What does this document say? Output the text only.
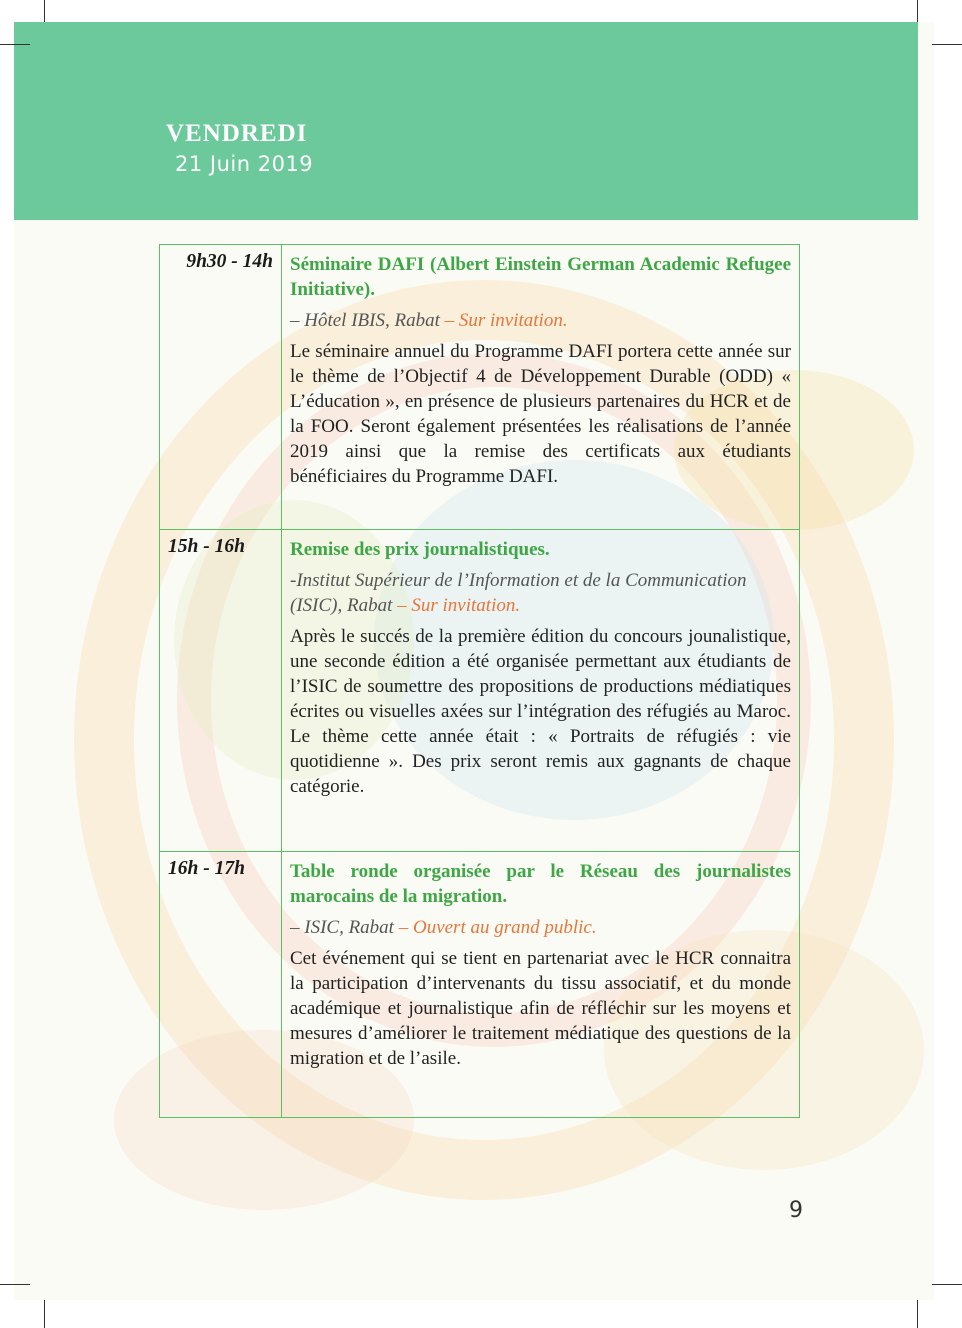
VENDREDI
21 Juin 2019
9h30 - 14h	Séminaire DAFI (Albert Einstein German Academic Refugee Initiative).

– Hôtel IBIS, Rabat – Sur invitation.

Le séminaire annuel du Programme DAFI portera cette année sur le thème de l’Objectif 4 de Développement Durable (ODD) « L’éducation », en présence de plusieurs partenaires du HCR et de la FOO. Seront également présentées les réalisations de l’année 2019 ainsi que la remise des certificats aux étudiants bénéficiaires du Programme DAFI.

15h - 16h	Remise des prix journalistiques.

-Institut Supérieur de l’Information et de la Communication (ISIC), Rabat – Sur invitation.

Après le succés de la première édition du concours jounalistique, une seconde édition a été organisée permettant aux étudiants de l’ISIC de soumettre des propositions de productions médiatiques écrites ou visuelles axées sur l’intégration des réfugiés au Maroc. Le thème cette année était : « Portraits de réfugiés : vie quotidienne ». Des prix seront remis aux gagnants de chaque catégorie.

16h - 17h	Table ronde organisée par le Réseau des journalistes marocains de la migration.

– ISIC, Rabat – Ouvert au grand public.

Cet événement qui se tient en partenariat avec le HCR connaitra la participation d’intervenants du tissu associatif, et du monde académique et journalistique afin de réfléchir sur les moyens et mesures d’améliorer le traitement médiatique des questions de la migration et de l’asile.

9
